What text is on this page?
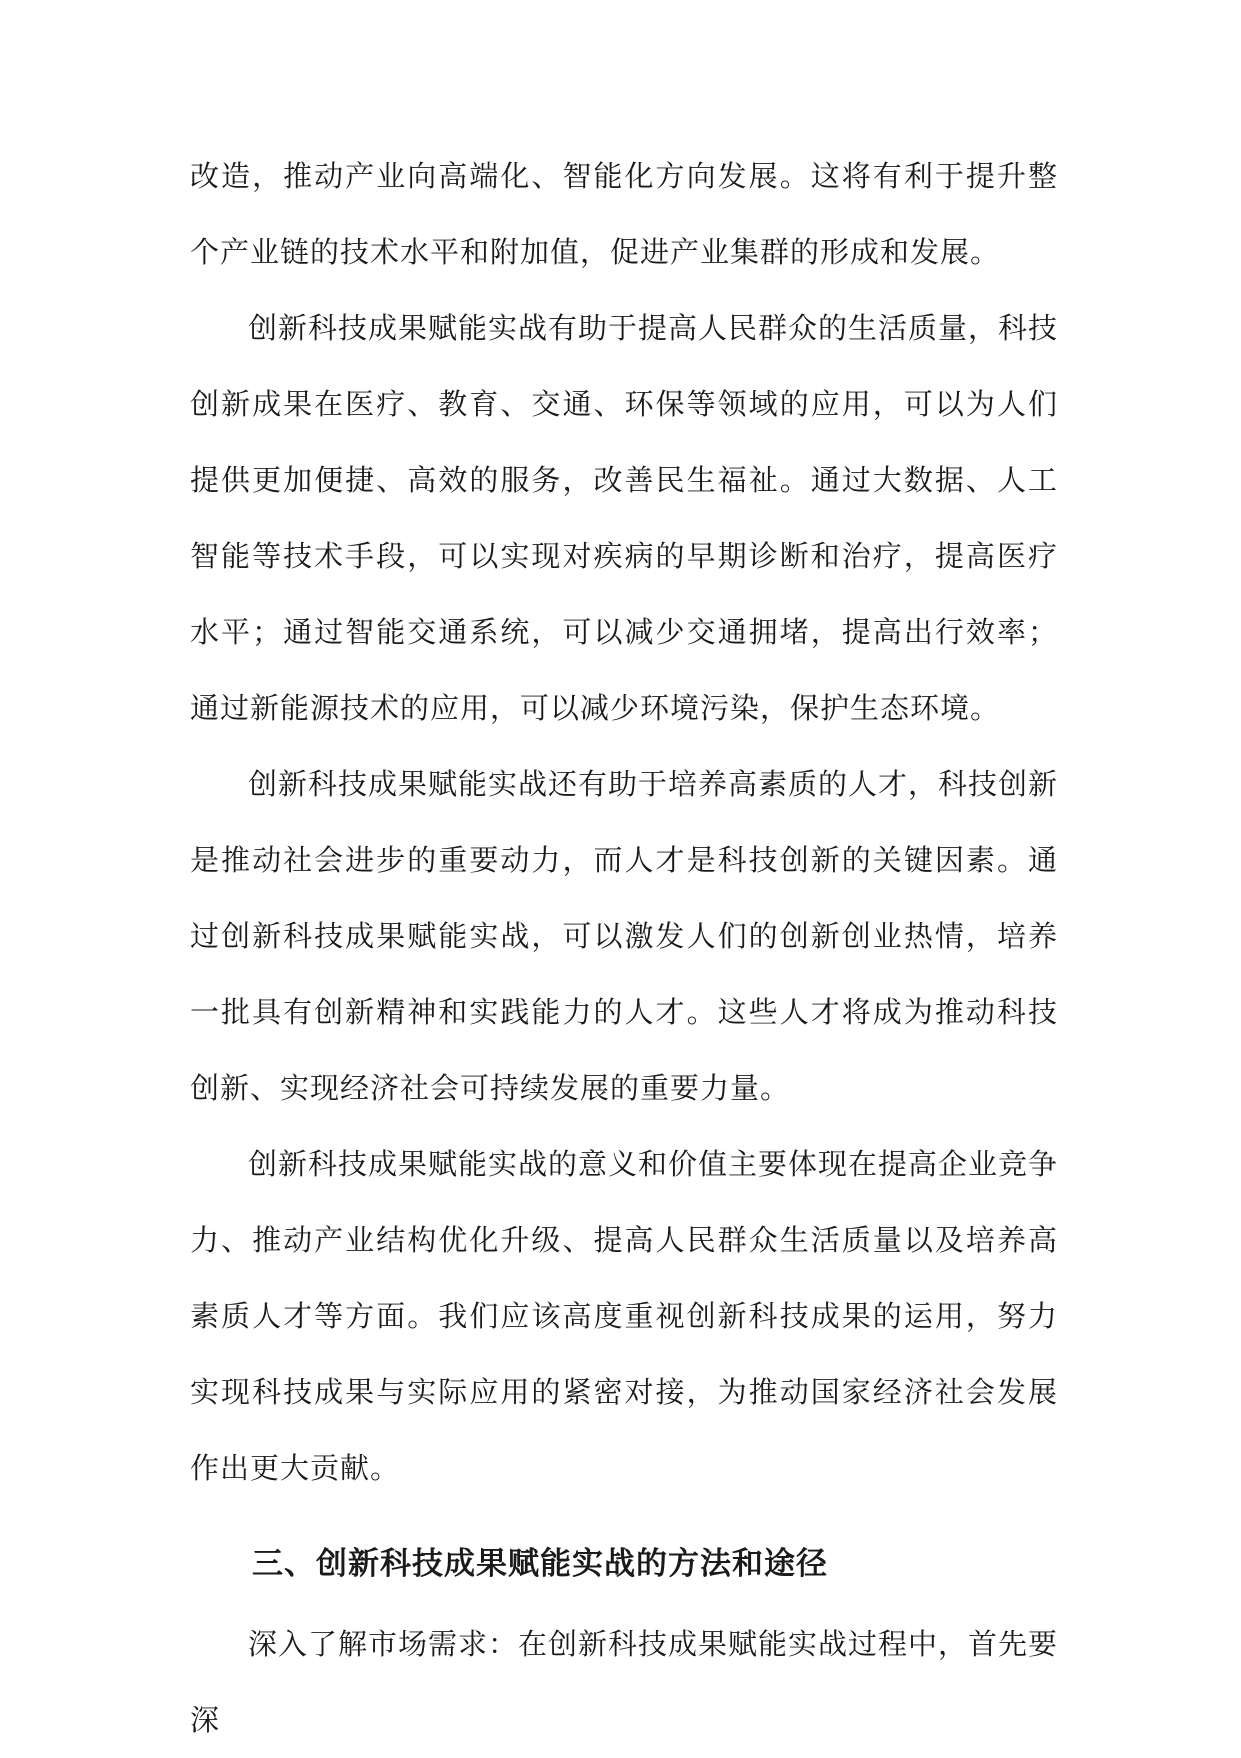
改造，推动产业向高端化、智能化方向发展。这将有利于提升整个产业链的技术水平和附加值，促进产业集群的形成和发展。

创新科技成果赋能实战有助于提高人民群众的生活质量，科技创新成果在医疗、教育、交通、环保等领域的应用，可以为人们提供更加便捷、高效的服务，改善民生福祉。通过大数据、人工智能等技术手段，可以实现对疾病的早期诊断和治疗，提高医疗水平；通过智能交通系统，可以减少交通拥堵，提高出行效率；通过新能源技术的应用，可以减少环境污染，保护生态环境。

创新科技成果赋能实战还有助于培养高素质的人才，科技创新是推动社会进步的重要动力，而人才是科技创新的关键因素。通过创新科技成果赋能实战，可以激发人们的创新创业热情，培养一批具有创新精神和实践能力的人才。这些人才将成为推动科技创新、实现经济社会可持续发展的重要力量。

创新科技成果赋能实战的意义和价值主要体现在提高企业竞争力、推动产业结构优化升级、提高人民群众生活质量以及培养高素质人才等方面。我们应该高度重视创新科技成果的运用，努力实现科技成果与实际应用的紧密对接，为推动国家经济社会发展作出更大贡献。

三、创新科技成果赋能实战的方法和途径

深入了解市场需求：在创新科技成果赋能实战过程中，首先要深
